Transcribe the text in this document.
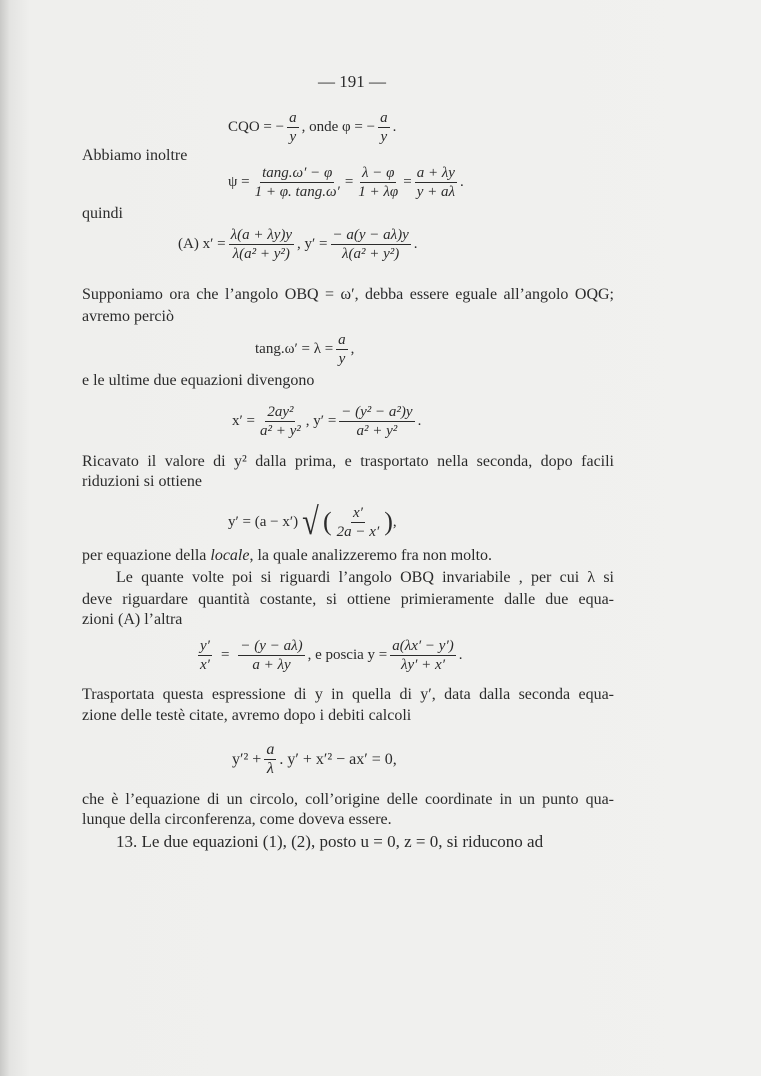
— 191 —
CQO = − $\frac{a}{y}$ , onde φ = − $\frac{a}{y}$ .
Abbiamo inoltre
$\psi = \frac{\tan g.\omega' - \varphi}{1 + \varphi. \tan g.\omega'} = \frac{\lambda - \varphi}{1 + \lambda\varphi} = \frac{a + \lambda y}{y + a\lambda}$ .
quindi
(A) $x' = \frac{\lambda(a + \lambda y)y}{\text{λ(a² + y²)}}$ , $y' = \frac{- a(y - a\lambda)y}{\text{λ(a² + y²)}}$ .
Supponiamo ora che l’angolo OBQ = ω′, debba essere eguale all’angolo OQG;
avremo perciò
$\tan g.\omega' = \lambda = \frac{a}{y}$ ,
e le ultime due equazioni divengono
$x' = \frac{\text{2ay²}}{\text{a² + y²}}$ , $y' = \frac{\text{− (y² − a²)y}}{\text{a² + y²}}$ .
Ricavato il valore di y² dalla prima, e trasportato nella seconda, dopo facili
riduzioni si ottiene
y′ = (a − x′) √ ( $\frac{x'}{2a - x'}$ ) ,
per equazione della locale, la quale analizzeremo fra non molto.
Le quante volte poi si riguardi l’angolo OBQ invariabile , per cui λ si
deve riguardare quantità costante, si ottiene primieramente dalle due equa-
zioni (A) l’altra
$\frac{y'}{x'} = \frac{- (y - a\lambda)}{a + \lambda y}$ , e poscia $y = \frac{a(\lambda x' - y')}{\lambda y' + x'}$ .
Trasportata questa espressione di y in quella di y′, data dalla seconda equa-
zione delle testè citate, avremo dopo i debiti calcoli
$y'^2 + \frac{a}{\lambda}$ . y′ + x′² − ax′ = 0,
che è l’equazione di un circolo, coll’origine delle coordinate in un punto qua-
lunque della circonferenza, come doveva essere.
13. Le due equazioni (1), (2), posto u = 0, z = 0, si riducono ad
